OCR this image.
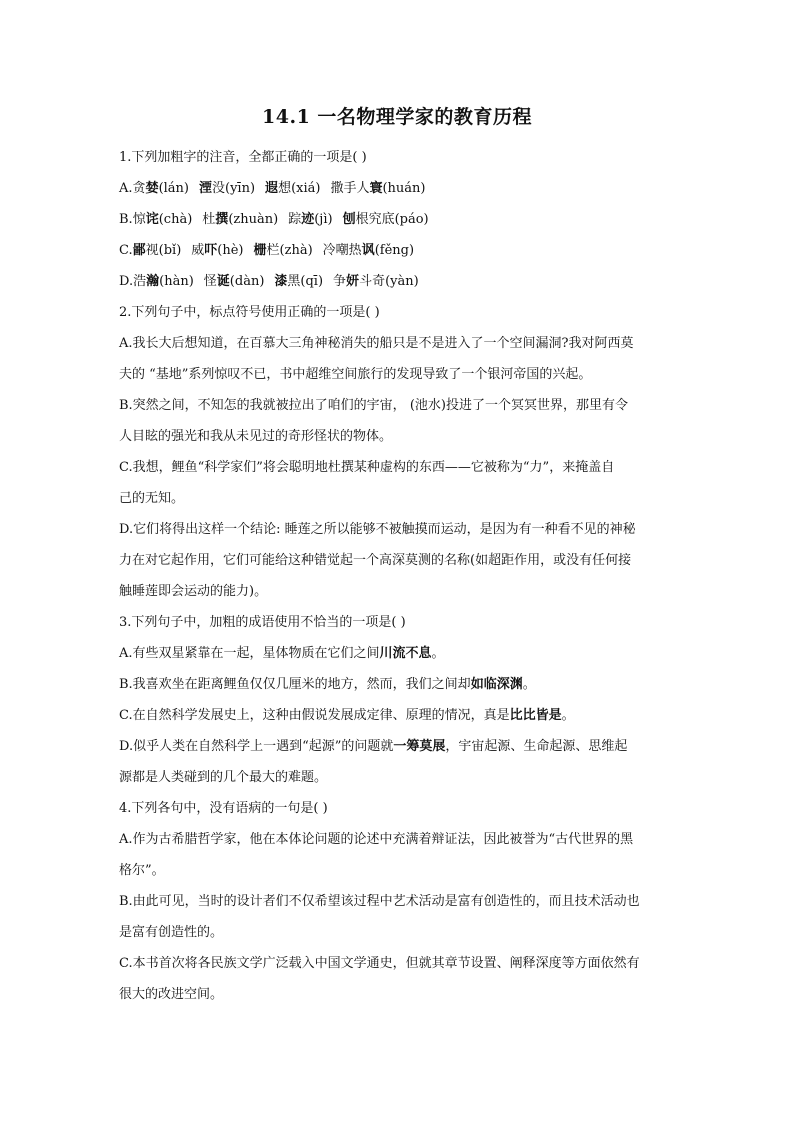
14.1 一名物理学家的教育历程
1.下列加粗字的注音，全都正确的一项是( )
A.贪婪(lán) 湮没(yīn) 遐想(xiá) 撒手人寰(huán)
B.惊诧(chà) 杜撰(zhuàn) 踪迹(jì) 刨根究底(páo)
C.鄙视(bǐ) 威吓(hè) 栅栏(zhà) 冷嘲热讽(fěng)
D.浩瀚(hàn) 怪诞(dàn) 漆黑(qī) 争妍斗奇(yàn)
2.下列句子中，标点符号使用正确的一项是( )
A.我长大后想知道，在百慕大三角神秘消失的船只是不是进入了一个空间漏洞?我对阿西莫
夫的 “基地”系列惊叹不已，书中超维空间旅行的发现导致了一个银河帝国的兴起。
B.突然之间，不知怎的我就被拉出了咱们的宇宙， (池水)投进了一个冥冥世界，那里有令
人目眩的强光和我从未见过的奇形怪状的物体。
C.我想，鲤鱼“科学家们”将会聪明地杜撰某种虚构的东西——它被称为“力”，来掩盖自
己的无知。
D.它们将得出这样一个结论: 睡莲之所以能够不被触摸而运动，是因为有一种看不见的神秘
力在对它起作用，它们可能给这种错觉起一个高深莫测的名称(如超距作用，或没有任何接
触睡莲即会运动的能力)。
3.下列句子中，加粗的成语使用不恰当的一项是( )
A.有些双星紧靠在一起，星体物质在它们之间川流不息。
B.我喜欢坐在距离鲤鱼仅仅几厘米的地方，然而，我们之间却如临深渊。
C.在自然科学发展史上，这种由假说发展成定律、原理的情况，真是比比皆是。
D.似乎人类在自然科学上一遇到“起源”的问题就一筹莫展，宇宙起源、生命起源、思维起
源都是人类碰到的几个最大的难题。
4.下列各句中，没有语病的一句是( )
A.作为古希腊哲学家，他在本体论问题的论述中充满着辩证法，因此被誉为“古代世界的黑
格尔”。
B.由此可见，当时的设计者们不仅希望该过程中艺术活动是富有创造性的，而且技术活动也
是富有创造性的。
C.本书首次将各民族文学广泛载入中国文学通史，但就其章节设置、阐释深度等方面依然有
很大的改进空间。
